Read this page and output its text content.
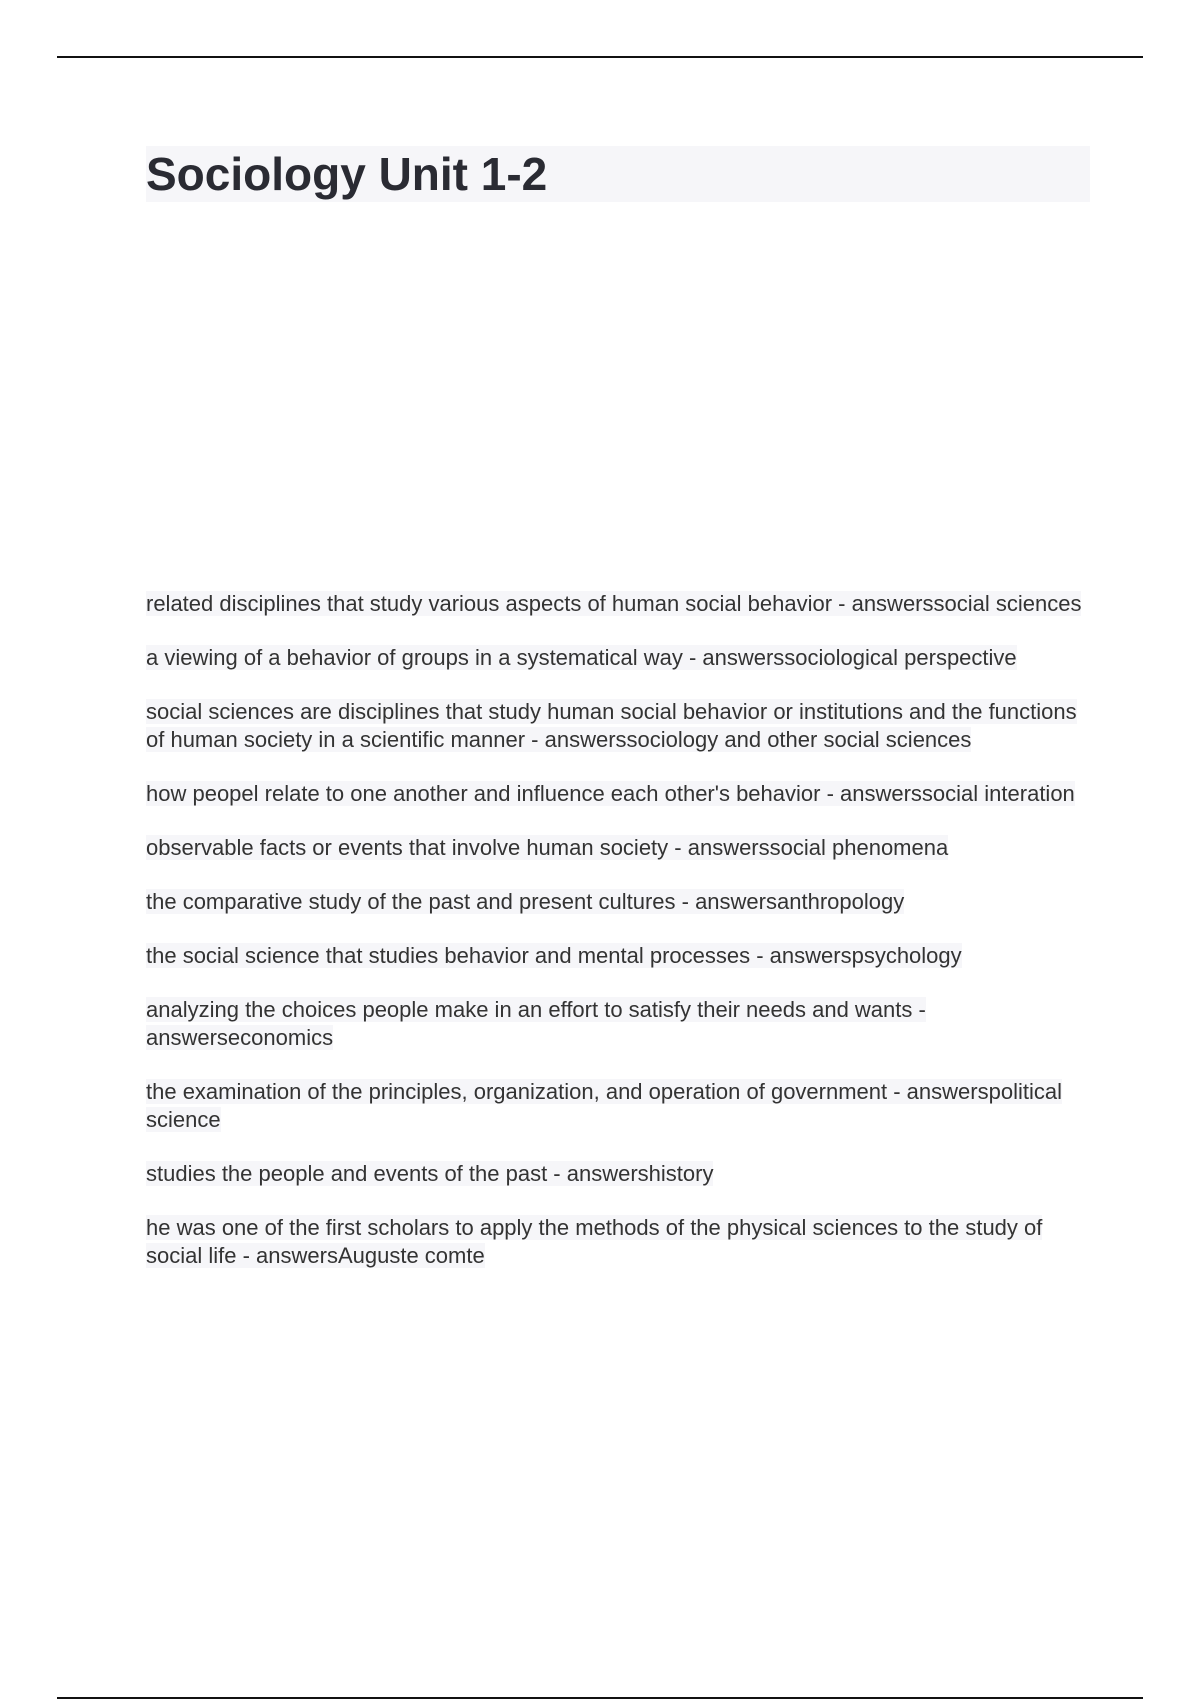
Sociology Unit 1-2
related disciplines that study various aspects of human social behavior - answerssocial sciences
a viewing of a behavior of groups in a systematical way - answerssociological perspective
social sciences are disciplines that study human social behavior or institutions and the functions of human society in a scientific manner - answerssociology and other social sciences
how peopel relate to one another and influence each other's behavior - answerssocial interation
observable facts or events that involve human society - answerssocial phenomena
the comparative study of the past and present cultures - answersanthropology
the social science that studies behavior and mental processes - answerspsychology
analyzing the choices people make in an effort to satisfy their needs and wants - answerseconomics
the examination of the principles, organization, and operation of government - answerspolitical science
studies the people and events of the past - answershistory
he was one of the first scholars to apply the methods of the physical sciences to the study of social life - answersAuguste comte
